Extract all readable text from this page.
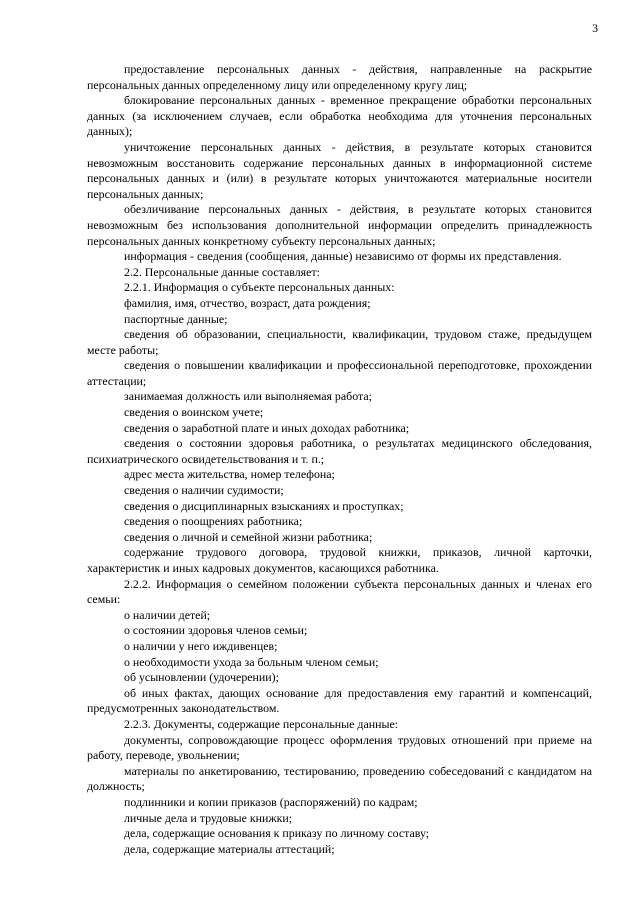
3

предоставление персональных данных - действия, направленные на раскрытие персональных данных определенному лицу или определенному кругу лиц;

блокирование персональных данных - временное прекращение обработки персональных данных (за исключением случаев, если обработка необходима для уточнения персональных данных);

уничтожение персональных данных - действия, в результате которых становится невозможным восстановить содержание персональных данных в информационной системе персональных данных и (или) в результате которых уничтожаются материальные носители персональных данных;

обезличивание персональных данных - действия, в результате которых становится невозможным без использования дополнительной информации определить принадлежность персональных данных конкретному субъекту персональных данных;

информация - сведения (сообщения, данные) независимо от формы их представления.

2.2. Персональные данные составляет:

2.2.1. Информация о субъекте персональных данных:

фамилия, имя, отчество, возраст, дата рождения;

паспортные данные;

сведения об образовании, специальности, квалификации, трудовом стаже, предыдущем месте работы;

сведения о повышении квалификации и профессиональной переподготовке, прохождении аттестации;

занимаемая должность или выполняемая работа;

сведения о воинском учете;

сведения о заработной плате и иных доходах работника;

сведения о состоянии здоровья работника, о результатах медицинского обследования, психиатрического освидетельствования и т. п.;

адрес места жительства, номер телефона;

сведения о наличии судимости;

сведения о дисциплинарных взысканиях и проступках;

сведения о поощрениях работника;

сведения о личной и семейной жизни работника;

содержание трудового договора, трудовой книжки, приказов, личной карточки, характеристик и иных кадровых документов, касающихся работника.

2.2.2. Информация о семейном положении субъекта персональных данных и членах его семьи:

о наличии детей;

о состоянии здоровья членов семьи;

о наличии у него иждивенцев;

о необходимости ухода за больным членом семьи;

об усыновлении (удочерении);

об иных фактах, дающих основание для предоставления ему гарантий и компенсаций, предусмотренных законодательством.

2.2.3. Документы, содержащие персональные данные:

документы, сопровождающие процесс оформления трудовых отношений при приеме на работу, переводе, увольнении;

материалы по анкетированию, тестированию, проведению собеседований с кандидатом на должность;

подлинники и копии приказов (распоряжений) по кадрам;

личные дела и трудовые книжки;

дела, содержащие основания к приказу по личному составу;

дела, содержащие материалы аттестаций;
